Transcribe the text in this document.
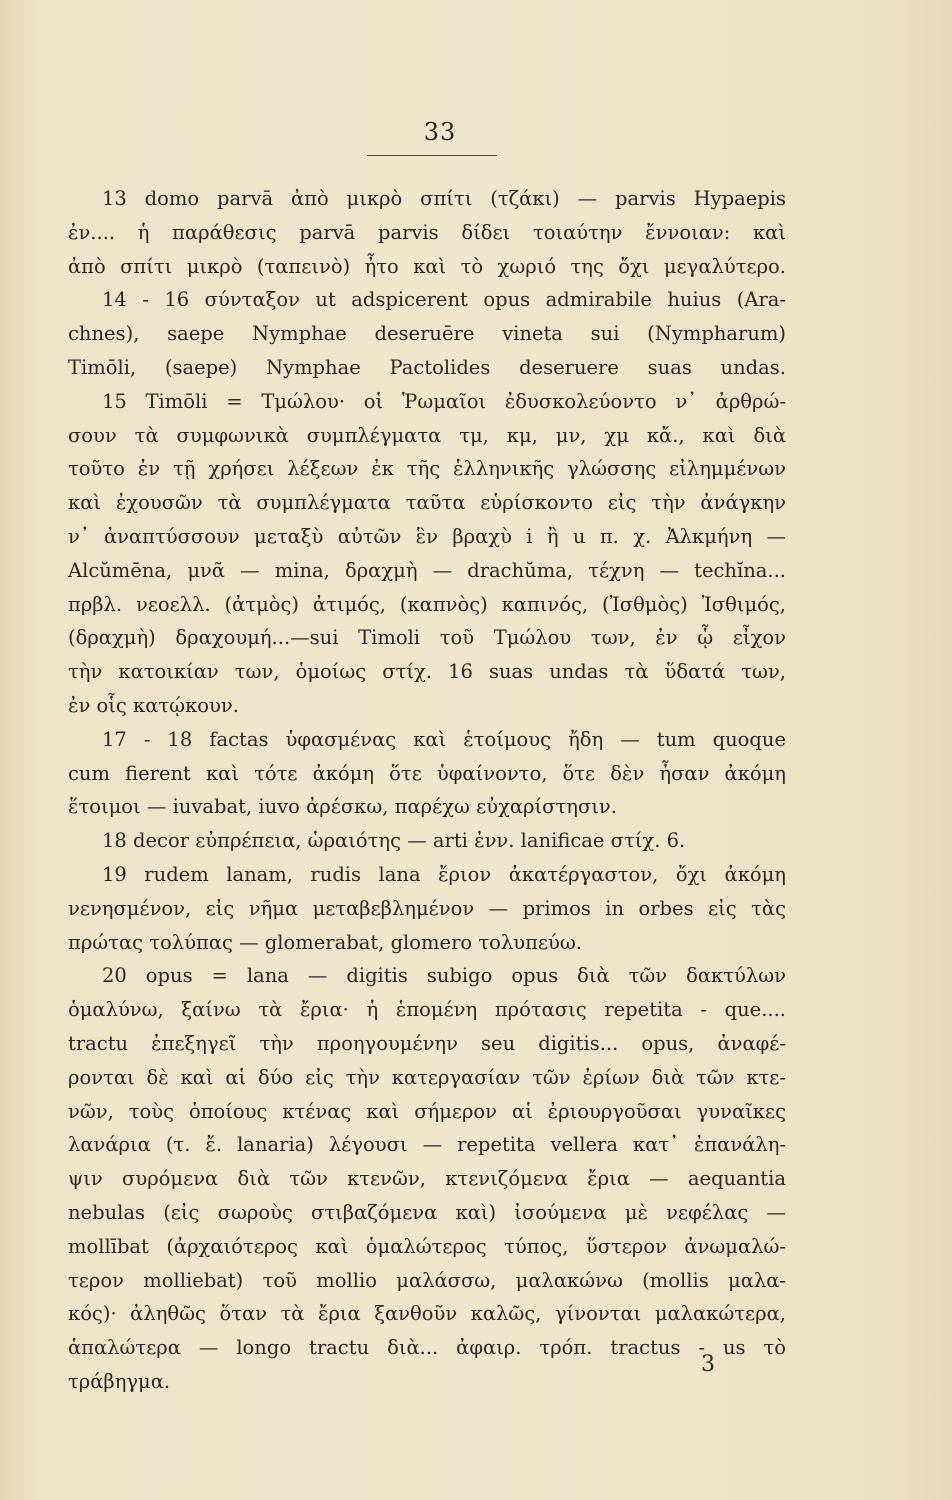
33
13 domo parvā ἀπὸ μικρὸ σπίτι (τζάκι) — parvis Hypaepis
ἐν.... ἡ παράθεσις parvā parvis δίδει τοιαύτην ἔννοιαν: καὶ
ἀπὸ σπίτι μικρὸ (ταπεινὸ) ἦτο καὶ τὸ χωριό της ὄχι μεγαλύτερο.
14 - 16 σύνταξον ut adspicerent opus admirabile huius (Ara-
chnes), saepe Nymphae deseruēre vineta sui (Nympharum)
Timōli, (saepe) Nymphae Pactolides deseruere suas undas.
15 Timōli = Τμώλου· οἱ Ῥωμαῖοι ἐδυσκολεύοντο ν᾽ ἀρθρώ-
σουν τὰ συμφωνικὰ συμπλέγματα τμ, κμ, μν, χμ κἄ., καὶ διὰ
τοῦτο ἐν τῇ χρήσει λέξεων ἐκ τῆς ἑλληνικῆς γλώσσης εἰλημμένων
καὶ ἐχουσῶν τὰ συμπλέγματα ταῦτα εὑρίσκοντο εἰς τὴν ἀνάγκην
ν᾽ ἀναπτύσσουν μεταξὺ αὐτῶν ἓν βραχὺ i ἢ u π. χ. Ἀλκμήνη —
Alcŭmēna, μνᾶ — mina, δραχμὴ — drachŭma, τέχνη — techĭna...
πρβλ. νεοελλ. (ἀτμὸς) ἀτιμός, (καπνὸς) καπινός, (Ἰσθμὸς) Ἰσθιμός,
(δραχμὴ) δραχουμή...—sui Timoli τοῦ Τμώλου των, ἐν ᾧ εἶχον
τὴν κατοικίαν των, ὁμοίως στίχ. 16 suas undas τὰ ὕδατά των,
ἐν οἷς κατῴκουν.
17 - 18 factas ὑφασμένας καὶ ἑτοίμους ἤδη — tum quoque
cum fierent καὶ τότε ἀκόμη ὅτε ὑφαίνοντο, ὅτε δὲν ἦσαν ἀκόμη
ἕτοιμοι — iuvabat, iuvo ἀρέσκω, παρέχω εὐχαρίστησιν.
18 decor εὐπρέπεια, ὡραιότης — arti ἐνν. lanificae στίχ. 6.
19 rudem lanam, rudis lana ἔριον ἀκατέργαστον, ὄχι ἀκόμη
νενησμένον, εἰς νῆμα μεταβεβλημένον — primos in orbes εἰς τὰς
πρώτας τολύπας — glomerabat, glomero τολυπεύω.
20 opus = lana — digitis subigo opus διὰ τῶν δακτύλων
ὁμαλύνω, ξαίνω τὰ ἔρια· ἡ ἑπομένη πρότασις repetita - que....
tractu ἐπεξηγεῖ τὴν προηγουμένην seu digitis... opus, ἀναφέ-
ρονται δὲ καὶ αἱ δύο εἰς τὴν κατεργασίαν τῶν ἐρίων διὰ τῶν κτε-
νῶν, τοὺς ὁποίους κτένας καὶ σήμερον αἱ ἐριουργοῦσαι γυναῖκες
λανάρια (τ. ἔ. lanaria) λέγουσι — repetita vellera κατ᾽ ἐπανάλη-
ψιν συρόμενα διὰ τῶν κτενῶν, κτενιζόμενα ἔρια — aequantia
nebulas (εἰς σωροὺς στιβαζόμενα καὶ) ἰσούμενα μὲ νεφέλας —
mollībat (ἀρχαιότερος καὶ ὁμαλώτερος τύπος, ὕστερον ἀνωμαλώ-
τερον molliebat) τοῦ mollio μαλάσσω, μαλακώνω (mollis μαλα-
κός)· ἀληθῶς ὅταν τὰ ἔρια ξανθοῦν καλῶς, γίνονται μαλακώτερα,
ἁπαλώτερα — longo tractu διὰ... ἀφαιρ. τρόπ. tractus - us τὸ
τράβηγμα.
3
